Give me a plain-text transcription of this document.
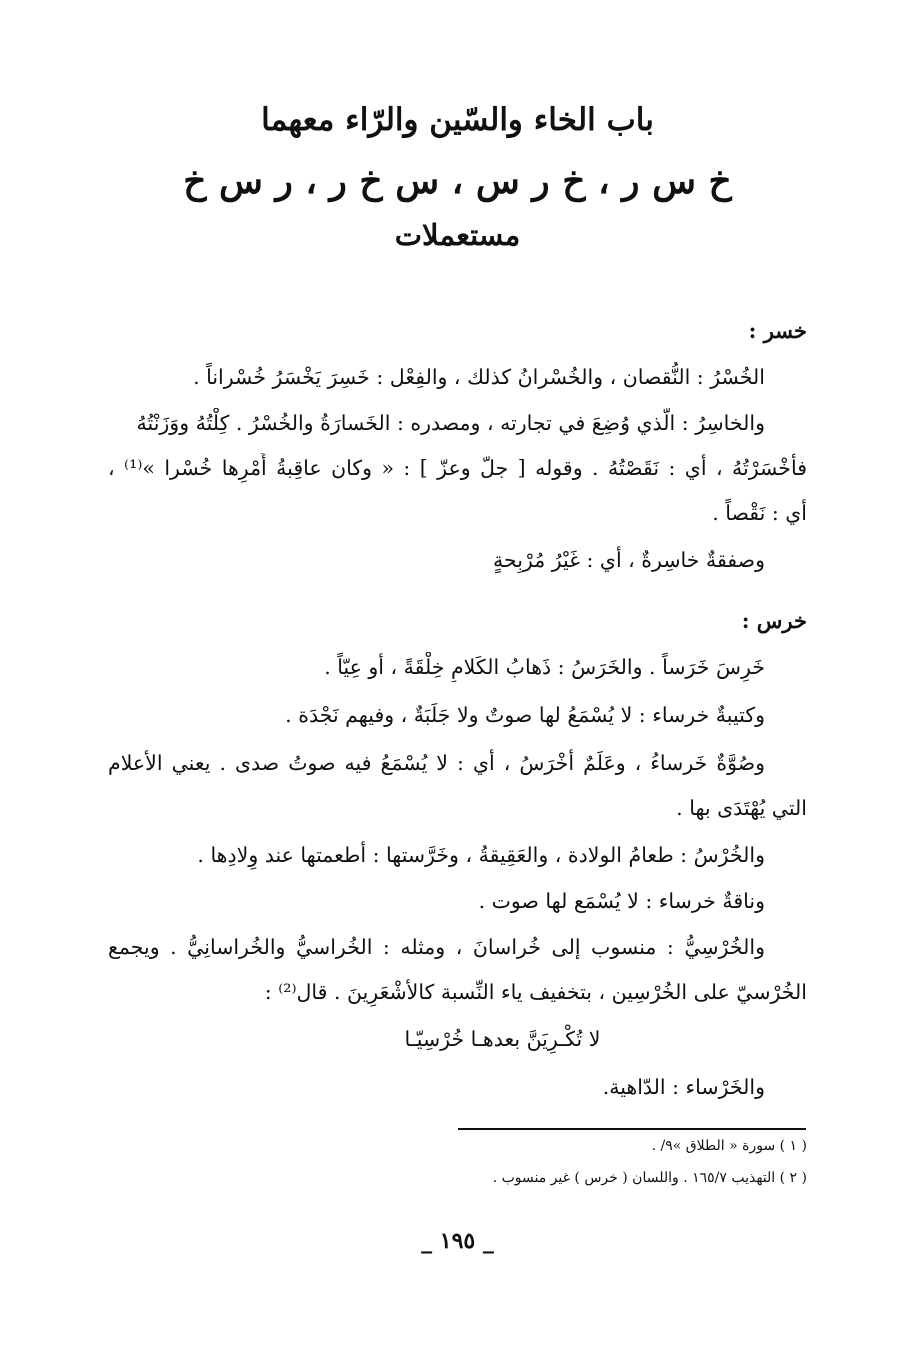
باب الخاء والسّين والرّاء معهما
خ س ر ، خ ر س ، س خ ر ، ر س خ
مستعملات
خسر :
الخُسْرُ : النُّقصان ، والخُسْرانُ كذلك ، والفِعْل : خَسِرَ يَخْسَرُ خُسْراناً .
والخاسِرُ : الّذي وُضِعَ في تجارته ، ومصدره : الخَسارَةُ والخُسْرُ . كِلْتُهُ ووَزَنْتُهُ
فأَخْسَرْتُهُ ، أي : نَقَصْتُهُ . وقوله [ جلّ وعزّ ] : « وكان عاقِبةُ أَمْرِها خُسْرا »⁽¹⁾ ،
أي : نَقْصاً .
وصفقةٌ خاسِرةٌ ، أي : غَيْرُ مُرْبِحةٍ
خرس :
خَرِسَ خَرَساً . والخَرَسُ : ذَهابُ الكَلامِ خِلْقَةً ، أو عِيّاً .
وكتيبةٌ خرساء : لا يُسْمَعُ لها صوتٌ ولا جَلَبَةٌ ، وفيهم نَجْدَة .
وصُوَّةٌ خَرساءُ ، وعَلَمٌ أخْرَسُ ، أي : لا يُسْمَعُ فيه صوتُ صدى . يعني الأعلام
التي يُهْتَدَى بها .
والخُرْسُ : طعامُ الولادة ، والعَقِيقةُ ، وخَرَّستها : أطعمتها عند وِلادِها .
وناقةٌ خرساء : لا يُسْمَع لها صوت .
والخُرْسِيُّ : منسوب إلى خُراسانَ ، ومثله : الخُراسيُّ والخُراسانِيُّ . ويجمع
الخُرْسيّ على الخُرْسِين ، بتخفيف ياء النِّسبة كالأشْعَرِينَ . قال⁽²⁾ :
لا تُكْـرِيَنَّ بعدهـا خُرْسِيّـا
والخَرْساء : الدّاهية.
( ١ ) سورة « الطلاق »٩/ .
( ٢ ) التهذيب ١٦٥/٧ . واللسان ( خرس ) غير منسوب .
_ ١٩٥ _
